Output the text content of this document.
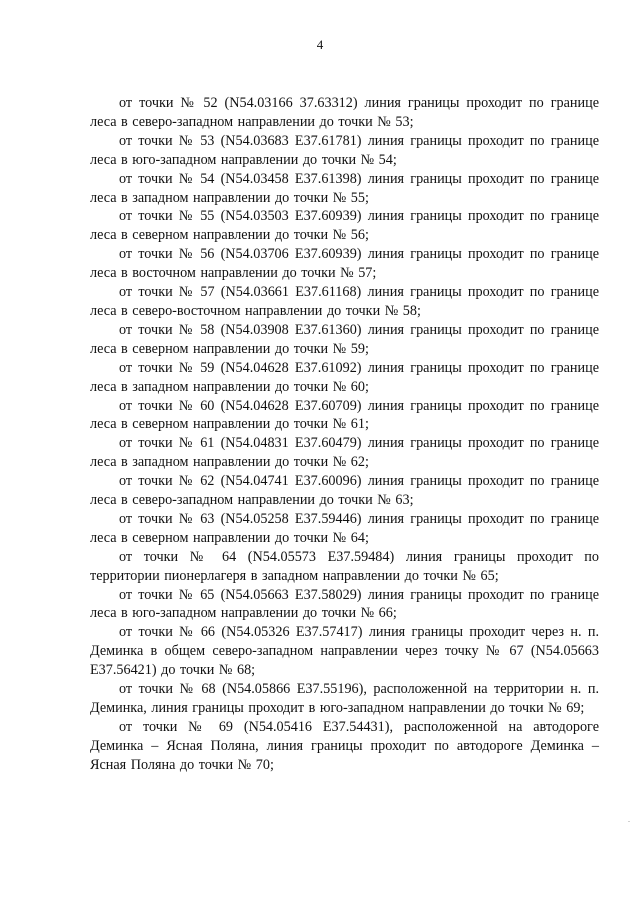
4

от точки № 52 (N54.03166 37.63312) линия границы проходит по границе леса в северо-западном направлении до точки № 53;

от точки № 53 (N54.03683 E37.61781) линия границы проходит по границе леса в юго-западном направлении до точки № 54;

от точки № 54 (N54.03458 E37.61398) линия границы проходит по границе леса в западном направлении до точки № 55;

от точки № 55 (N54.03503 E37.60939) линия границы проходит по границе леса в северном направлении до точки № 56;

от точки № 56 (N54.03706 E37.60939) линия границы проходит по границе леса в восточном направлении до точки № 57;

от точки № 57 (N54.03661 E37.61168) линия границы проходит по границе леса в северо-восточном направлении до точки № 58;

от точки № 58 (N54.03908 E37.61360) линия границы проходит по границе леса в северном направлении до точки № 59;

от точки № 59 (N54.04628 E37.61092) линия границы проходит по границе леса в западном направлении до точки № 60;

от точки № 60 (N54.04628 E37.60709) линия границы проходит по границе леса в северном направлении до точки № 61;

от точки № 61 (N54.04831 E37.60479) линия границы проходит по границе леса в западном направлении до точки № 62;

от точки № 62 (N54.04741 E37.60096) линия границы проходит по границе леса в северо-западном направлении до точки № 63;

от точки № 63 (N54.05258 E37.59446) линия границы проходит по границе леса в северном направлении до точки № 64;

от точки № 64 (N54.05573 E37.59484) линия границы проходит по территории пионерлагеря в западном направлении до точки № 65;

от точки № 65 (N54.05663 E37.58029) линия границы проходит по границе леса в юго-западном направлении до точки № 66;

от точки № 66 (N54.05326 E37.57417) линия границы проходит через н. п. Деминка в общем северо-западном направлении через точку № 67 (N54.05663 E37.56421) до точки № 68;

от точки № 68 (N54.05866 E37.55196), расположенной на территории н. п. Деминка, линия границы проходит в юго-западном направлении до точки № 69;

от точки № 69 (N54.05416 E37.54431), расположенной на автодороге Деминка – Ясная Поляна, линия границы проходит по автодороге Деминка – Ясная Поляна до точки № 70;

.
